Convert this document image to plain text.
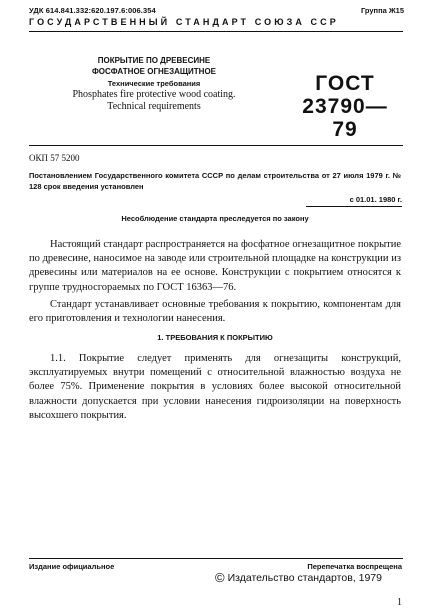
УДК 614.841.332:620.197.6:006.354	Группа Ж15
ГОСУДАРСТВЕННЫЙ СТАНДАРТ СОЮЗА ССР
ПОКРЫТИЕ ПО ДРЕВЕСИНЕ
ФОСФАТНОЕ ОГНЕЗАЩИТНОЕ
Технические требования
Phosphates fire protective wood coating.
Technical requirements
ГОСТ
23790—79
ОКП 57 5200
Постановлением Государственного комитета СССР по делам строительства от 27 июля 1979 г. № 128 срок введения установлен
с 01.01. 1980 г.
Несоблюдение стандарта преследуется по закону
Настоящий стандарт распространяется на фосфатное огнезащитное покрытие по древесине, наносимое на заводе или строительной площадке на конструкции из древесины или материалов на ее основе. Конструкции с покрытием относятся к группе трудносгораемых по ГОСТ 16363—76.
Стандарт устанавливает основные требования к покрытию, компонентам для его приготовления и технологии нанесения.
1. ТРЕБОВАНИЯ К ПОКРЫТИЮ
1.1. Покрытие следует применять для огнезащиты конструкций, эксплуатируемых внутри помещений с относительной влажностью воздуха не более 75%. Применение покрытия в условиях более высокой относительной влажности допускается при условии нанесения гидроизоляции на поверхность высохшего покрытия.
Издание официальное	Перепечатка воспрещена
© Издательство стандартов, 1979
1
